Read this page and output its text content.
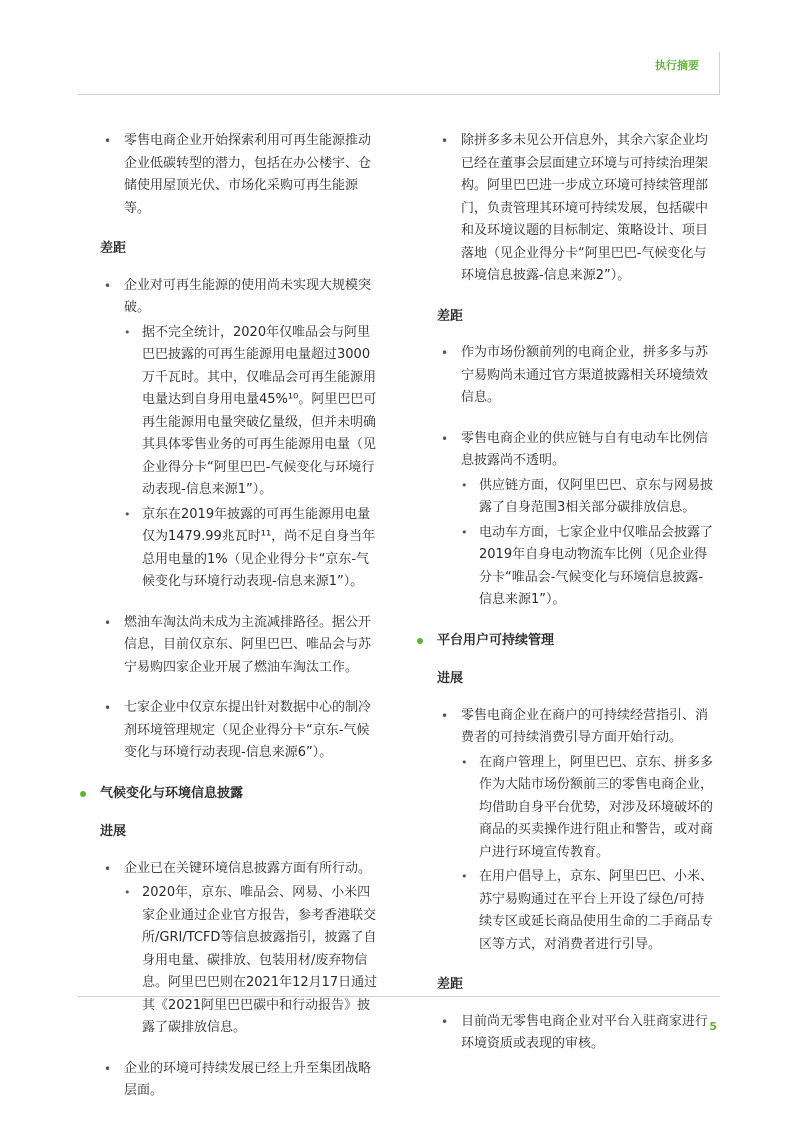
执行摘要
• 零售电商企业开始探索利用可再生能源推动企业低碳转型的潜力，包括在办公楼宇、仓储使用屋顶光伏、市场化采购可再生能源等。
差距
• 企业对可再生能源的使用尚未实现大规模突破。
• 据不完全统计，2020年仅唯品会与阿里巴巴披露的可再生能源用电量超过3000万千瓦时。其中，仅唯品会可再生能源用电量达到自身用电量45%¹⁰。阿里巴巴可再生能源用电量突破亿量级，但并未明确其具体零售业务的可再生能源用电量（见企业得分卡“阿里巴巴-气候变化与环境行动表现-信息来源1”）。
• 京东在2019年披露的可再生能源用电量仅为1479.99兆瓦时¹¹，尚不足自身当年总用电量的1%（见企业得分卡“京东-气候变化与环境行动表现-信息来源1”）。
• 燃油车淘汰尚未成为主流减排路径。据公开信息，目前仅京东、阿里巴巴、唯品会与苏宁易购四家企业开展了燃油车淘汰工作。
• 七家企业中仅京东提出针对数据中心的制冷剂环境管理规定（见企业得分卡“京东-气候变化与环境行动表现-信息来源6”）。
气候变化与环境信息披露
进展
• 企业已在关键环境信息披露方面有所行动。
• 2020年，京东、唯品会、网易、小米四家企业通过企业官方报告，参考香港联交所/GRI/TCFD等信息披露指引，披露了自身用电量、碳排放、包装用材/废弃物信息。阿里巴巴则在2021年12月17日通过其《2021阿里巴巴碳中和行动报告》披露了碳排放信息。
• 企业的环境可持续发展已经上升至集团战略层面。
• 除拼多多未见公开信息外，其余六家企业均已经在董事会层面建立环境与可持续治理架构。阿里巴巴进一步成立环境可持续管理部门，负责管理其环境可持续发展，包括碳中和及环境议题的目标制定、策略设计、项目落地（见企业得分卡“阿里巴巴-气候变化与环境信息披露-信息来源2”）。
差距
• 作为市场份额前列的电商企业，拼多多与苏宁易购尚未通过官方渠道披露相关环境绩效信息。
• 零售电商企业的供应链与自有电动车比例信息披露尚不透明。
• 供应链方面，仅阿里巴巴、京东与网易披露了自身范围3相关部分碳排放信息。
• 电动车方面，七家企业中仅唯品会披露了2019年自身电动物流车比例（见企业得分卡“唯品会-气候变化与环境信息披露-信息来源1”）。
平台用户可持续管理
进展
• 零售电商企业在商户的可持续经营指引、消费者的可持续消费引导方面开始行动。
• 在商户管理上，阿里巴巴、京东、拼多多作为大陆市场份额前三的零售电商企业，均借助自身平台优势，对涉及环境破坏的商品的买卖操作进行阻止和警告，或对商户进行环境宣传教育。
• 在用户倡导上，京东、阿里巴巴、小米、苏宁易购通过在平台上开设了绿色/可持续专区或延长商品使用生命的二手商品专区等方式，对消费者进行引导。
差距
• 目前尚无零售电商企业对平台入驻商家进行环境资质或表现的审核。
5
